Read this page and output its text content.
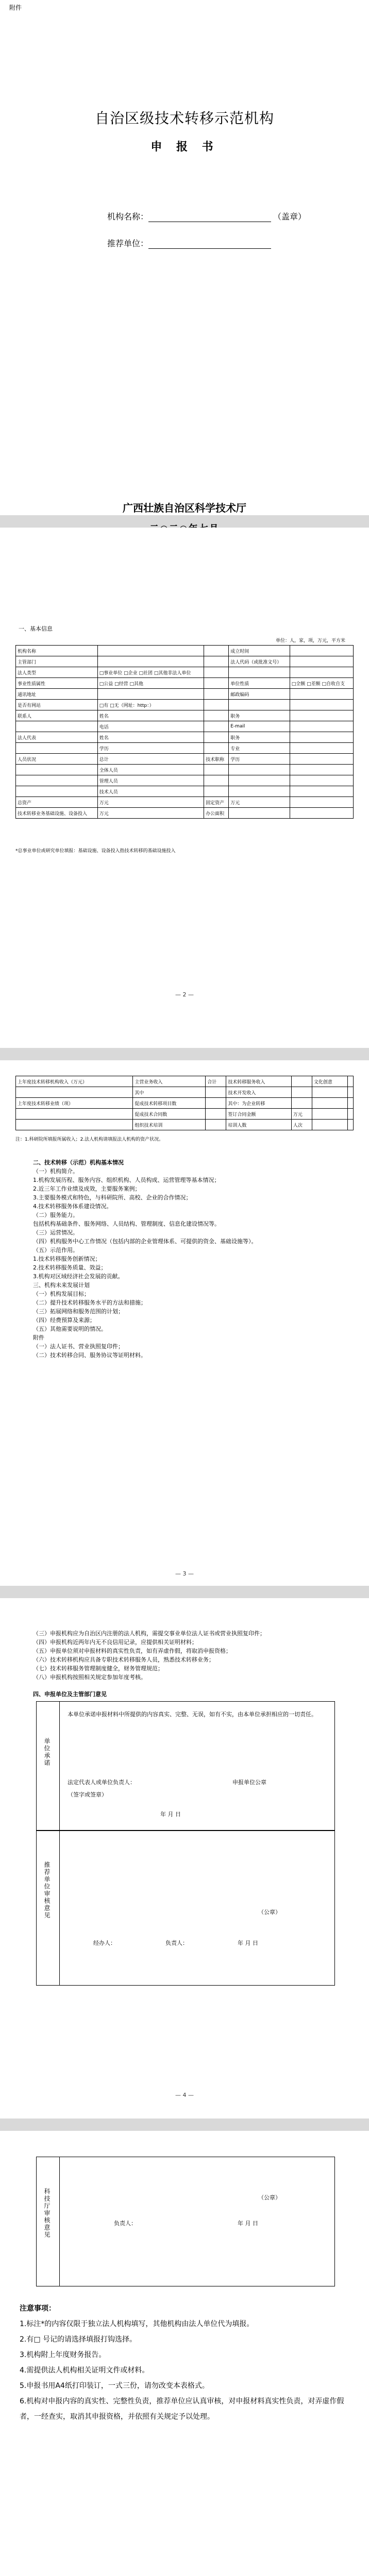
附件
自治区级技术转移示范机构
申 报 书
机构名称：	（盖章）
推荐单位：
广西壮族自治区科学技术厅
一、基本信息
单位：人，家，项，万元，平方米
机构名称			成立时间	
主管部门			法人代码（或批准文号）	
法人类型	□事业单位 □企业 □社团 □其他非法人单位			
事业性质属性	□公益 □经营 □其他		单位性质	□全额 □差额 □自收自支
通讯地址			邮政编码	
是否有网站	□有 □无（网址：http：）			
联系人	姓名		职务	
	电话		E-mail	
法人代表	姓名		职务	
	学历		专业	
人员状况	总计	技术职称	学历	
	全体人员			
	管理人员			
	技术人员			
总资产	万元	固定资产	万元	
技术转移业务基础设施、设备投入	万元	办公面积		
*总事业单位或研究单位填报：基础设施、设备投入指技术转移的基础设施投入
— 2 —
上年度技术转移机构收入（万元）	主营业务收入	合计	技术转移服务收入		文化创意	
	其中		技术开发收入			
上年度技术转移业绩（项）	促成技术转移项目数		其中：为企业转移			
	促成技术合同数		签订合同金额	万元		
	组织技术培训		培训人数	人次		
注：1.科研院所填报所属收入；2.法人机构请填报法人机构的资产状况。

二、技术转移（示范）机构基本情况

（一）机构简介。

1.机构发展历程、服务内容、组织机构、人员构成、运营管理等基本情况；

2.近三年工作业绩及成效，主要服务案例；

3.主要服务模式和特色，与科研院所、高校、企业的合作情况；

4.技术转移服务体系建设情况。

（二）服务能力。

包括机构基础条件、服务网络、人员结构、管理制度、信息化建设情况等。

（三）运营情况。

（四）机构服务中心工作情况（包括内部的企业管理体系、可提供的资金、基础设施等）。

（五）示范作用。

1.技术转移服务创新情况；

2.技术转移服务质量、效益；

3.机构对区域经济社会发展的贡献。

三、机构未来发展计划

（一）机构发展目标；

（二）提升技术转移服务水平的方法和措施；

（三）拓展网络和服务范围的计划；

（四）经费预算及来源；

（五）其他需要说明的情况。

附件

（一）法人证书、营业执照复印件；

（二）技术转移合同、服务协议等证明材料。

— 3 —

（三）申报机构应为自治区内注册的法人机构，需提交事业单位法人证书或营业执照复印件；

（四）申报机构近两年内无不良信用记录，应提供相关证明材料；

（五）申报单位须对申报材料的真实性负责，如有弄虚作假，将取消申报资格；

（六）技术转移机构应具备专职技术转移服务人员，熟悉技术转移业务；

（七）技术转移服务管理制度健全，财务管理规范；

（八）申报机构按照相关规定参加年度考核。

四、申报单位及主管部门意见
单位承诺
本单位承诺申报材料中所提供的内容真实、完整、无误，如有不实，由本单位承担相应的一切责任。
法定代表人或单位负责人：	申报单位公章
（签字或签章）
年 月 日
推荐单位审核意见	（公章）
经办人：	负责人：	年 月 日
— 4 —
科技厅审核意见	（公章）
负责人：	年 月 日

注意事项：

1.标注*的内容仅限于独立法人机构填写，其他机构由法人单位代为填报。

2.有□ 号记的请选择填报打钩选择。

3.机构附上年度财务报告。

4.需提供法人机构相关证明文件或材料。

5.申报书用A4纸打印装订，一式三份，请勿改变本表格式。

6.机构对申报内容的真实性、完整性负责，推荐单位应认真审核，对申报材料真实性负责，对弄虚作假者，一经查实，取消其申报资格，并依照有关规定予以处理。
